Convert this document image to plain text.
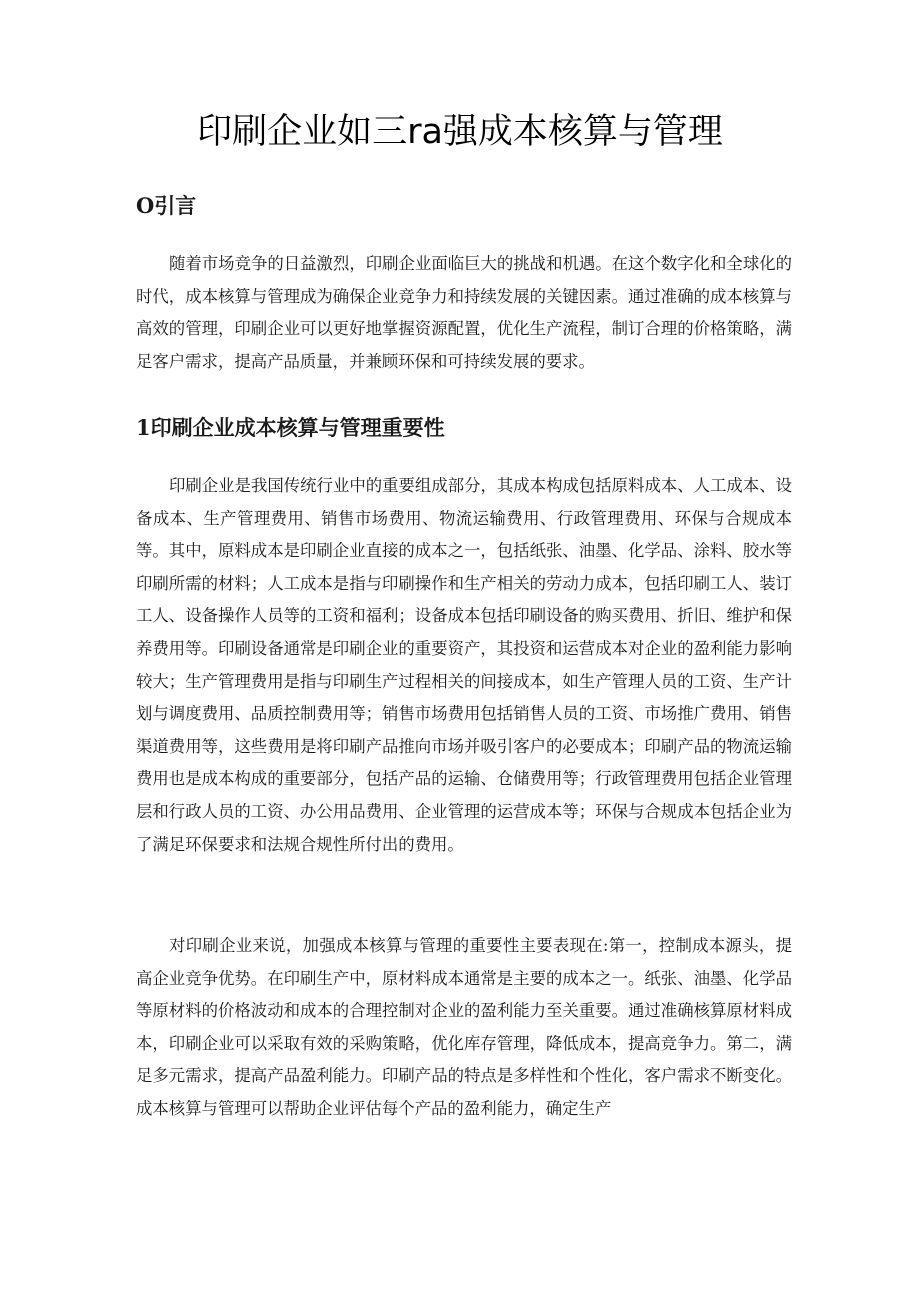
印刷企业如三ra强成本核算与管理
O引言

随着市场竞争的日益激烈，印刷企业面临巨大的挑战和机遇。在这个数字化和全球化的时代，成本核算与管理成为确保企业竞争力和持续发展的关键因素。通过准确的成本核算与高效的管理，印刷企业可以更好地掌握资源配置，优化生产流程，制订合理的价格策略，满足客户需求，提高产品质量，并兼顾环保和可持续发展的要求。

1印刷企业成本核算与管理重要性

印刷企业是我国传统行业中的重要组成部分，其成本构成包括原料成本、人工成本、设备成本、生产管理费用、销售市场费用、物流运输费用、行政管理费用、环保与合规成本等。其中，原料成本是印刷企业直接的成本之一，包括纸张、油墨、化学品、涂料、胶水等印刷所需的材料；人工成本是指与印刷操作和生产相关的劳动力成本，包括印刷工人、装订工人、设备操作人员等的工资和福利；设备成本包括印刷设备的购买费用、折旧、维护和保养费用等。印刷设备通常是印刷企业的重要资产，其投资和运营成本对企业的盈利能力影响较大；生产管理费用是指与印刷生产过程相关的间接成本，如生产管理人员的工资、生产计划与调度费用、品质控制费用等；销售市场费用包括销售人员的工资、市场推广费用、销售渠道费用等，这些费用是将印刷产品推向市场并吸引客户的必要成本；印刷产品的物流运输费用也是成本构成的重要部分，包括产品的运输、仓储费用等；行政管理费用包括企业管理层和行政人员的工资、办公用品费用、企业管理的运营成本等；环保与合规成本包括企业为了满足环保要求和法规合规性所付出的费用。

对印刷企业来说，加强成本核算与管理的重要性主要表现在:第一，控制成本源头，提高企业竞争优势。在印刷生产中，原材料成本通常是主要的成本之一。纸张、油墨、化学品等原材料的价格波动和成本的合理控制对企业的盈利能力至关重要。通过准确核算原材料成本，印刷企业可以采取有效的采购策略，优化库存管理，降低成本，提高竞争力。第二，满足多元需求，提高产品盈利能力。印刷产品的特点是多样性和个性化，客户需求不断变化。成本核算与管理可以帮助企业评估每个产品的盈利能力，确定生产
